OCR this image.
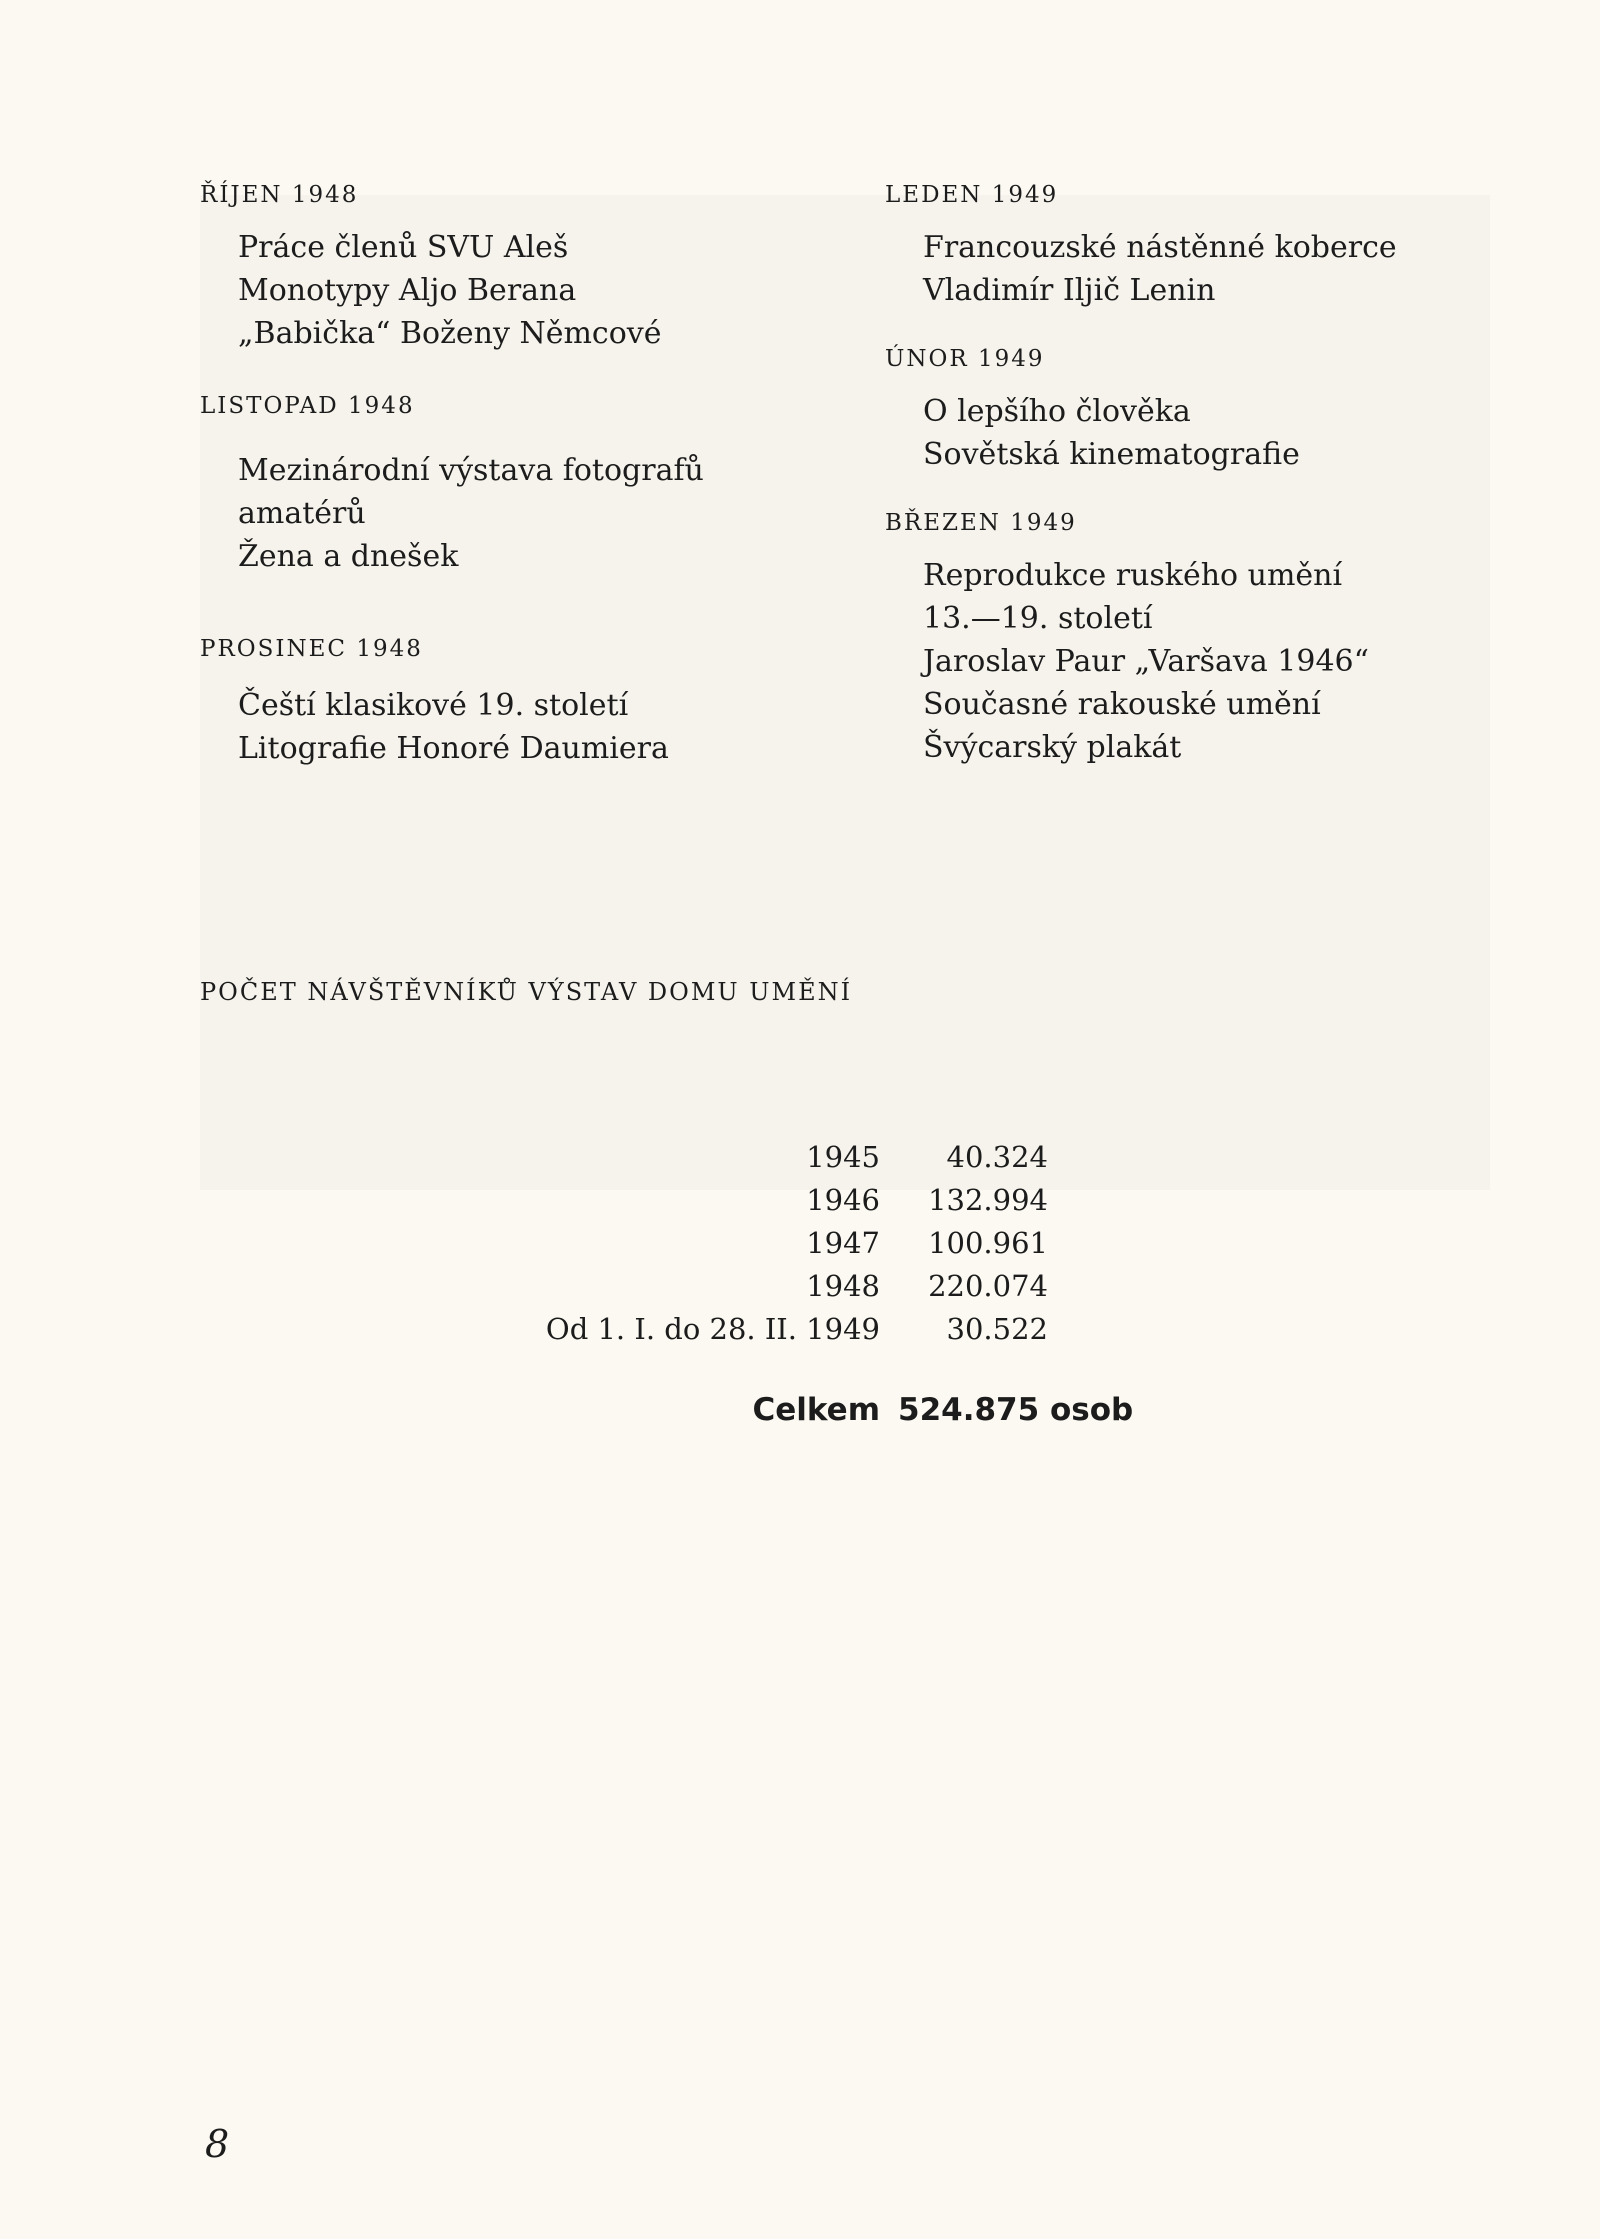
ŘÍJEN 1948

Práce členů SVU Aleš
Monotypy Aljo Berana
„Babička“ Boženy Němcové

LISTOPAD 1948

Mezinárodní výstava fotografů
amatérů
Žena a dnešek

PROSINEC 1948

Čeští klasikové 19. století
Litografie Honoré Daumiera

LEDEN 1949

Francouzské nástěnné koberce
Vladimír Iljič Lenin

ÚNOR 1949

O lepšího člověka
Sovětská kinematografie

BŘEZEN 1949

Reprodukce ruského umění
13.—19. století
Jaroslav Paur „Varšava 1946“
Současné rakouské umění
Švýcarský plakát
POČET NÁVŠTĚVNÍKŮ VÝSTAV DOMU UMĚNÍ
1945	40.324
1946	132.994
1947	100.961
1948	220.074
Od 1. I. do 28. II. 1949	30.522
Celkem 524.875 osob
8
